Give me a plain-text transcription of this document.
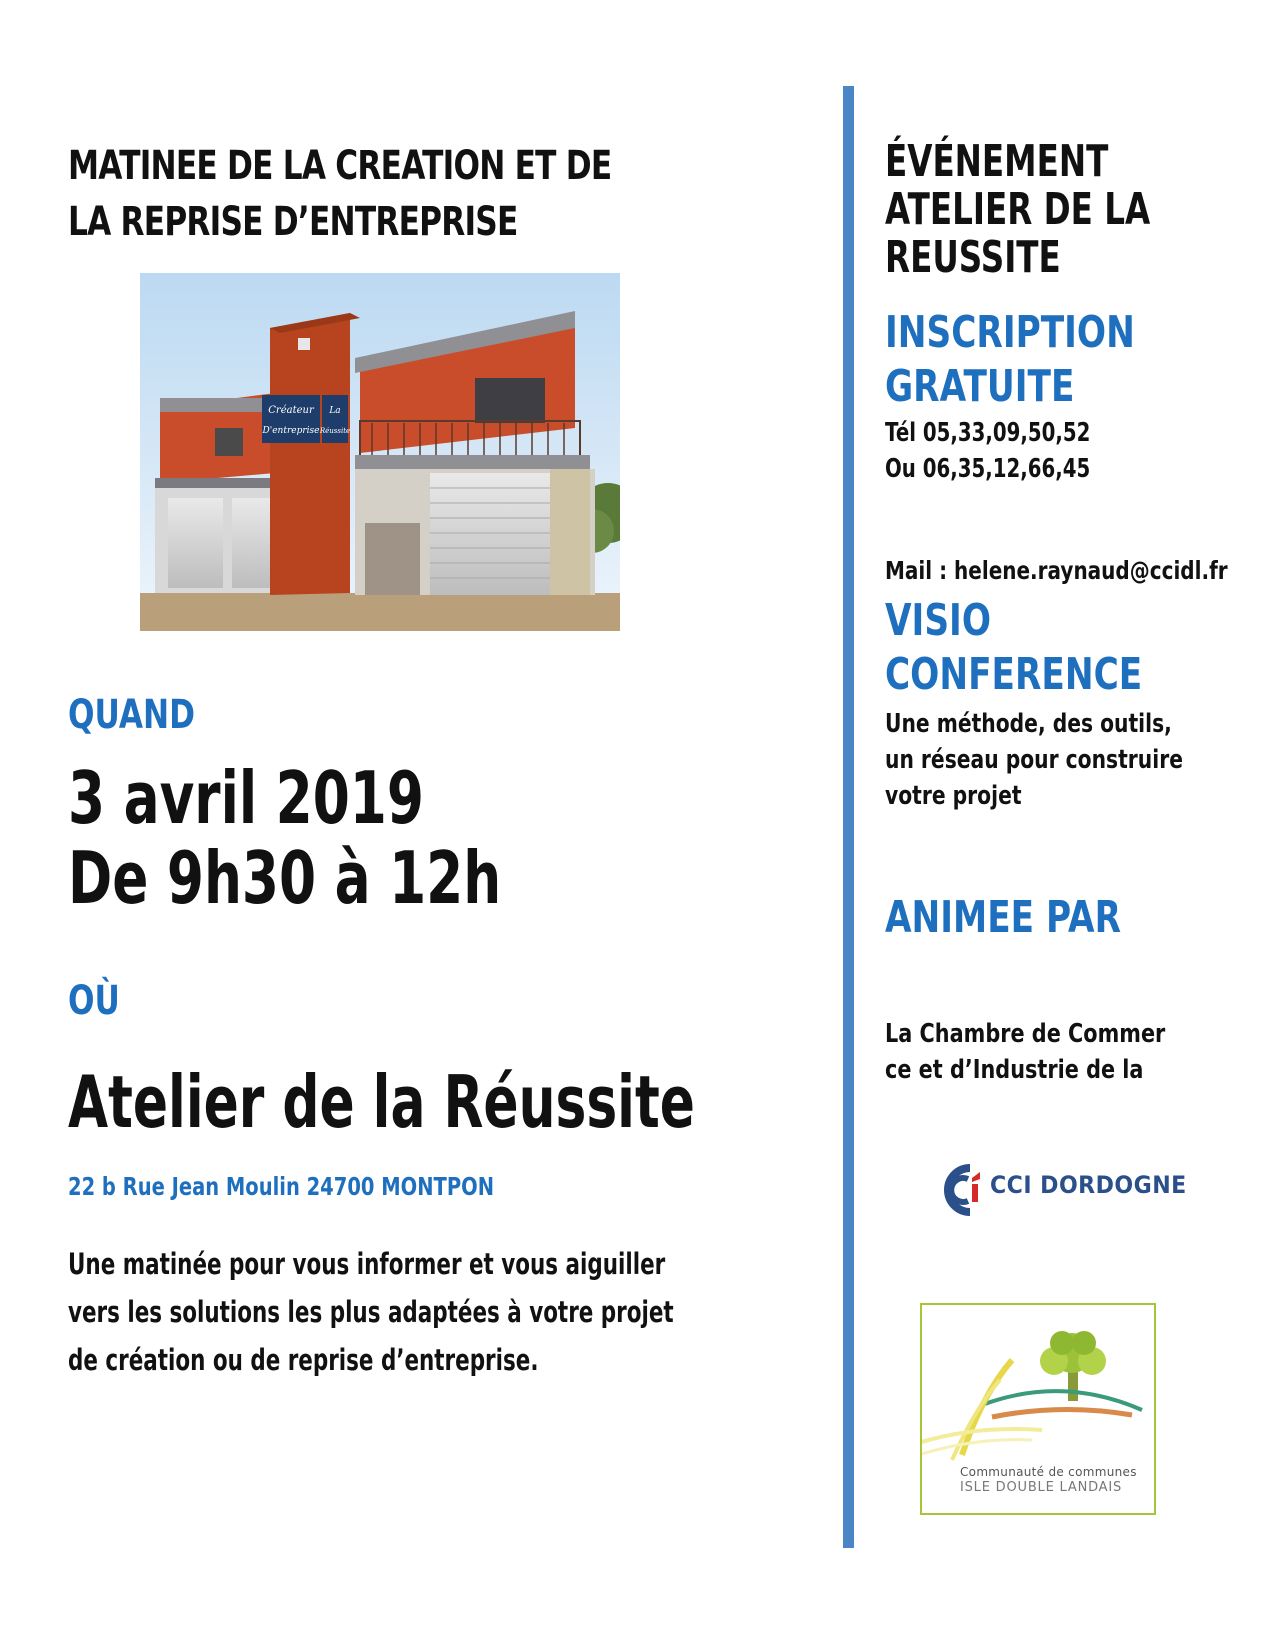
MATINEE DE LA CREATION ET DE
LA REPRISE D’ENTREPRISE
Créateur
D'entreprise
La
Réussite
QUAND
3 avril 2019
De 9h30 à 12h
OÙ
Atelier de la Réussite
22 b Rue Jean Moulin 24700 MONTPON
Une matinée pour vous informer et vous aiguiller
vers les solutions les plus adaptées à votre projet
de création ou de reprise d’entreprise.
ÉVÉNEMENT
ATELIER DE LA
REUSSITE
INSCRIPTION
GRATUITE
Tél 05,33,09,50,52
Ou 06,35,12,66,45
Mail : helene.raynaud@ccidl.fr
VISIO
CONFERENCE
Une méthode, des outils,
un réseau pour construire
votre projet
ANIMEE PAR
La Chambre de Commer
ce et d’Industrie de la
CCI DORDOGNE
Communauté de communes
ISLE DOUBLE LANDAIS
